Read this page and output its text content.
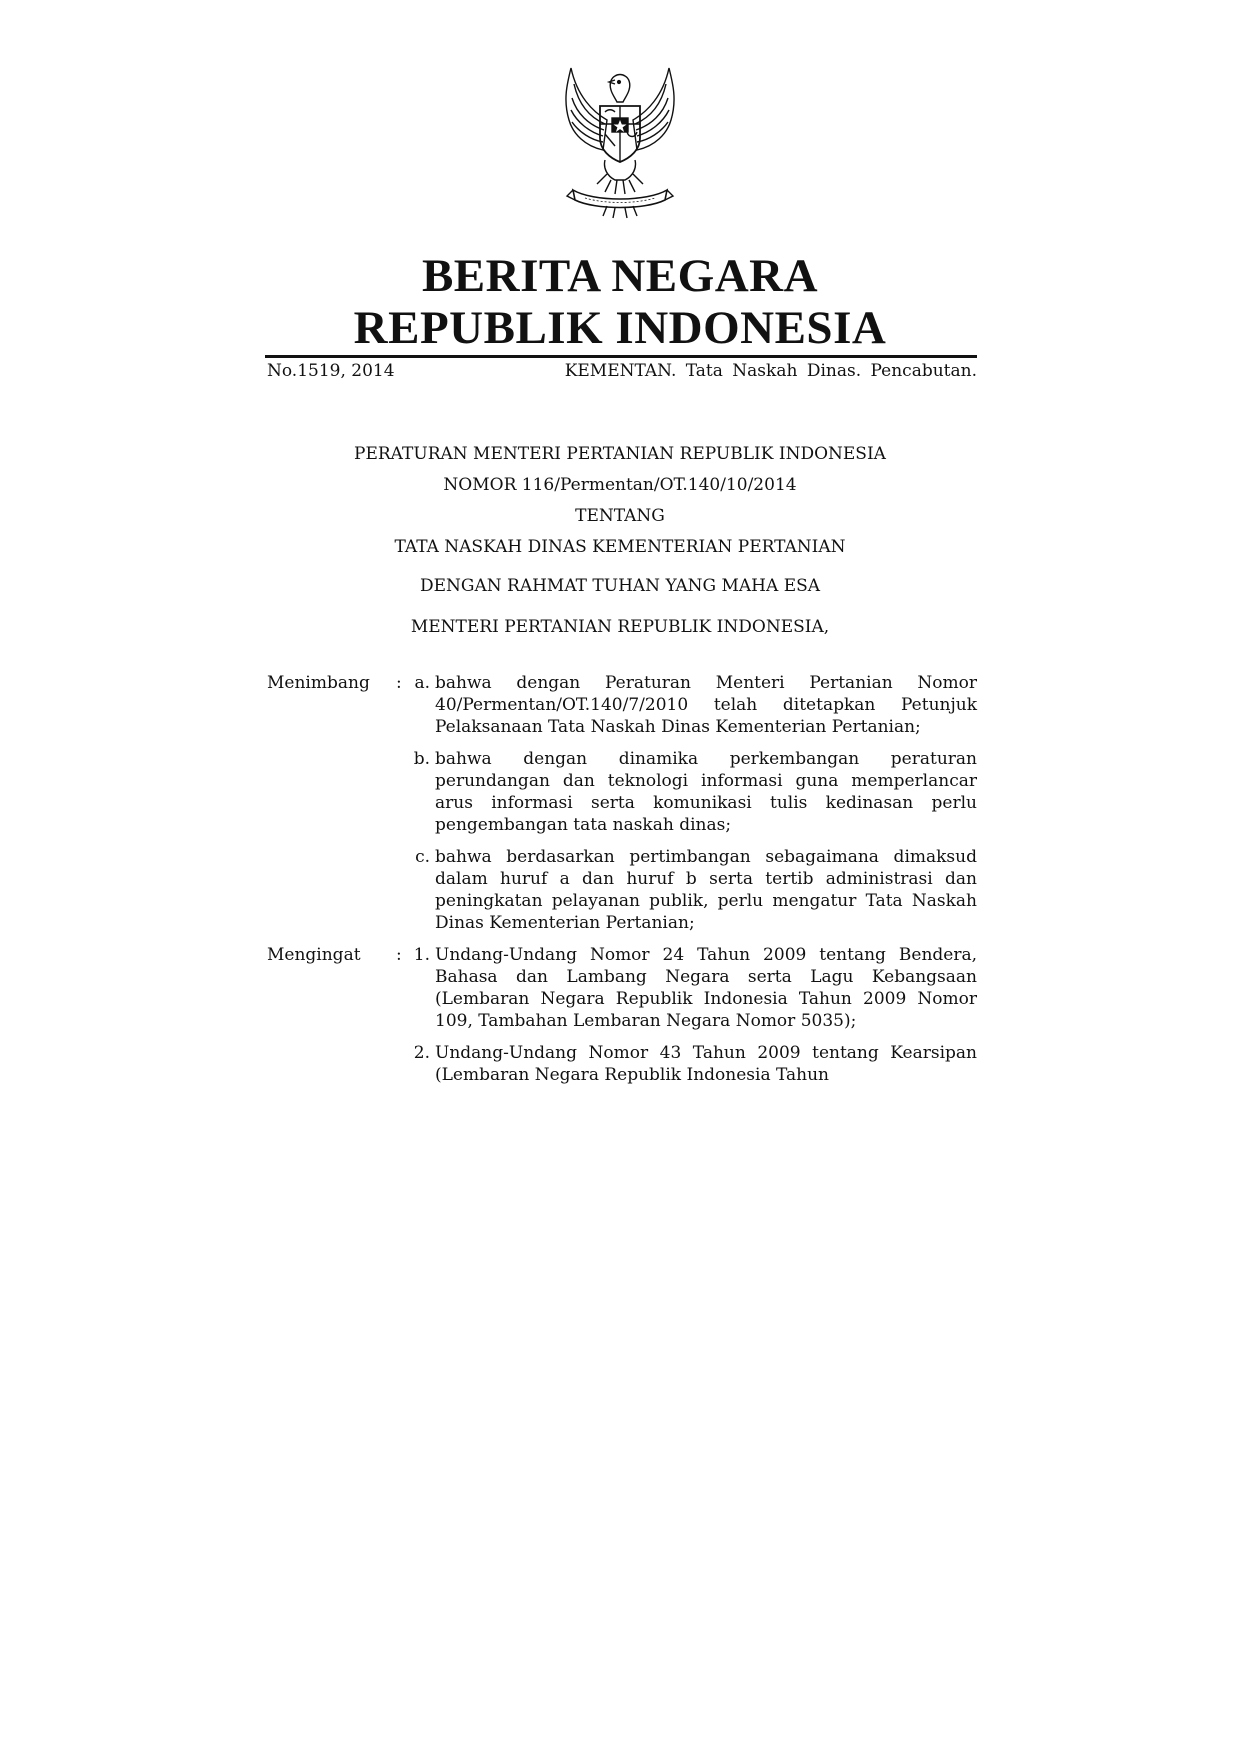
BERITA NEGARA
REPUBLIK INDONESIA
No.1519, 2014	KEMENTAN. Tata Naskah Dinas. Pencabutan.
PERATURAN MENTERI PERTANIAN REPUBLIK INDONESIA
NOMOR 116/Permentan/OT.140/10/2014
TENTANG
TATA NASKAH DINAS KEMENTERIAN PERTANIAN
DENGAN RAHMAT TUHAN YANG MAHA ESA
MENTERI PERTANIAN REPUBLIK INDONESIA,
Menimbang	: a. bahwa dengan Peraturan Menteri Pertanian Nomor 40/Permentan/OT.140/7/2010 telah ditetapkan Petunjuk Pelaksanaan Tata Naskah Dinas Kementerian Pertanian;
b. bahwa dengan dinamika perkembangan peraturan perundangan dan teknologi informasi guna memperlancar arus informasi serta komunikasi tulis kedinasan perlu pengembangan tata naskah dinas;
c. bahwa berdasarkan pertimbangan sebagaimana dimaksud dalam huruf a dan huruf b serta tertib administrasi dan peningkatan pelayanan publik, perlu mengatur Tata Naskah Dinas Kementerian Pertanian;
Mengingat	: 1. Undang-Undang Nomor 24 Tahun 2009 tentang Bendera, Bahasa dan Lambang Negara serta Lagu Kebangsaan (Lembaran Negara Republik Indonesia Tahun 2009 Nomor 109, Tambahan Lembaran Negara Nomor 5035);
2. Undang-Undang Nomor 43 Tahun 2009 tentang Kearsipan (Lembaran Negara Republik Indonesia Tahun
